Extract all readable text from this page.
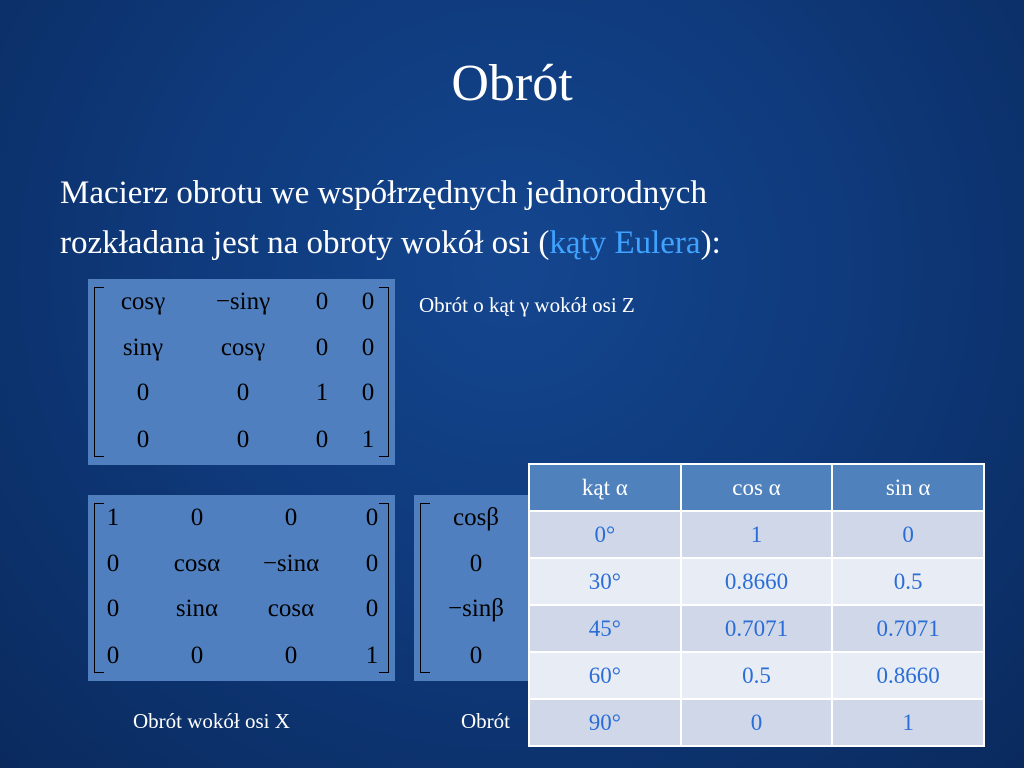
Obrót
Macierz obrotu we współrzędnych jednorodnych
rozkładana jest na obroty wokół osi (kąty Eulera):
cosγ	−sinγ	0	0
sinγ	cosγ	0	0
0	0	1	0
0	0	0	1
Obrót o kąt γ wokół osi Z
1	0	0	0
0	cosα	−sinα	0
0	sinα	cosα	0
0	0	0	1
Obrót wokół osi X
cosβ
0
−sinβ
0
Obrót
kąt α	cos α	sin α
0°	1	0
30°	0.8660	0.5
45°	0.7071	0.7071
60°	0.5	0.8660
90°	0	1
